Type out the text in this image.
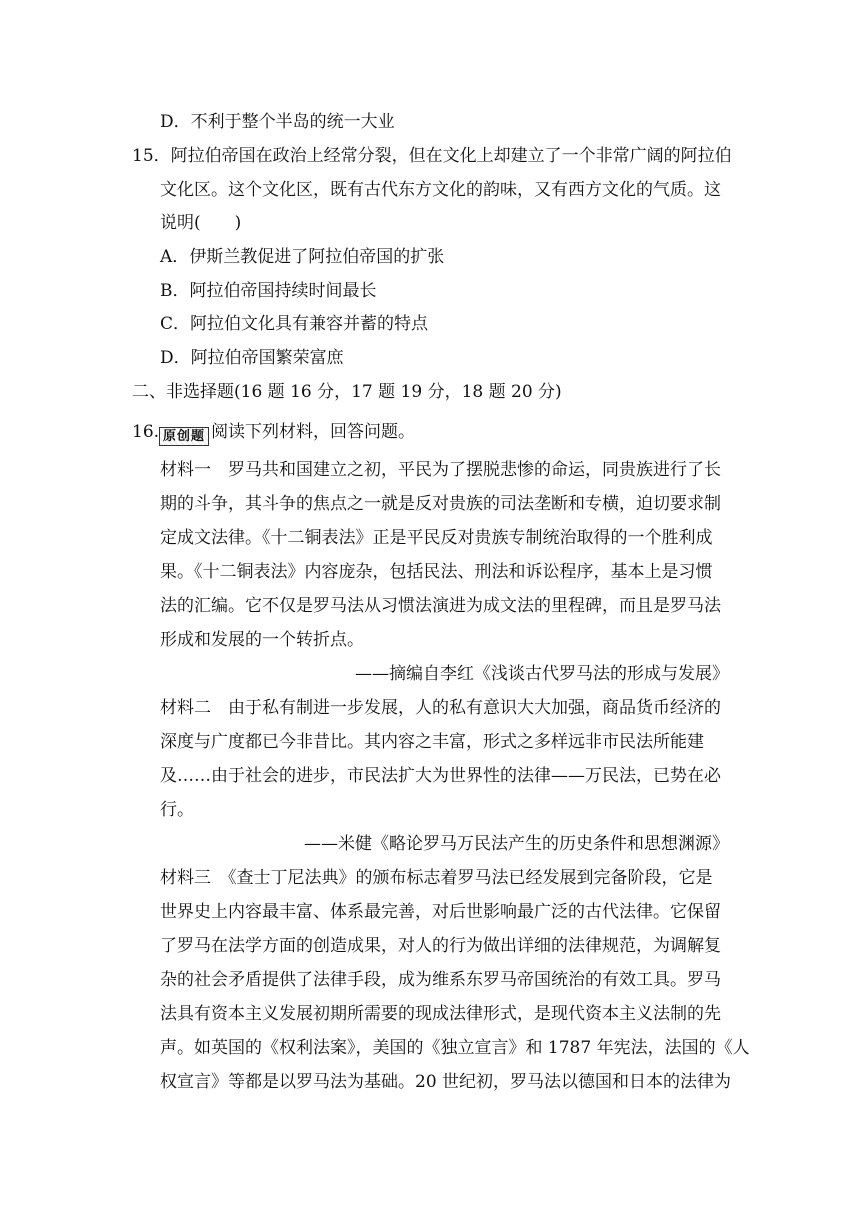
D．不利于整个半岛的统一大业
15．阿拉伯帝国在政治上经常分裂，但在文化上却建立了一个非常广阔的阿拉伯
文化区。这个文化区，既有古代东方文化的韵味，又有西方文化的气质。这
说明(　　)
A．伊斯兰教促进了阿拉伯帝国的扩张
B．阿拉伯帝国持续时间最长
C．阿拉伯文化具有兼容并蓄的特点
D．阿拉伯帝国繁荣富庶
二、非选择题(16 题 16 分，17 题 19 分，18 题 20 分)
16. 原创题 阅读下列材料，回答问题。
材料一　罗马共和国建立之初，平民为了摆脱悲惨的命运，同贵族进行了长
期的斗争，其斗争的焦点之一就是反对贵族的司法垄断和专横，迫切要求制
定成文法律。《十二铜表法》正是平民反对贵族专制统治取得的一个胜利成
果。《十二铜表法》内容庞杂，包括民法、刑法和诉讼程序，基本上是习惯
法的汇编。它不仅是罗马法从习惯法演进为成文法的里程碑，而且是罗马法
形成和发展的一个转折点。
——摘编自李红《浅谈古代罗马法的形成与发展》
材料二　由于私有制进一步发展，人的私有意识大大加强，商品货币经济的
深度与广度都已今非昔比。其内容之丰富，形式之多样远非市民法所能建
及……由于社会的进步，市民法扩大为世界性的法律——万民法，已势在必
行。
——米健《略论罗马万民法产生的历史条件和思想渊源》
材料三　《查士丁尼法典》的颁布标志着罗马法已经发展到完备阶段，它是
世界史上内容最丰富、体系最完善，对后世影响最广泛的古代法律。它保留
了罗马在法学方面的创造成果，对人的行为做出详细的法律规范，为调解复
杂的社会矛盾提供了法律手段，成为维系东罗马帝国统治的有效工具。罗马
法具有资本主义发展初期所需要的现成法律形式，是现代资本主义法制的先
声。如英国的《权利法案》，美国的《独立宣言》和 1787 年宪法，法国的《人
权宣言》等都是以罗马法为基础。20 世纪初，罗马法以德国和日本的法律为
